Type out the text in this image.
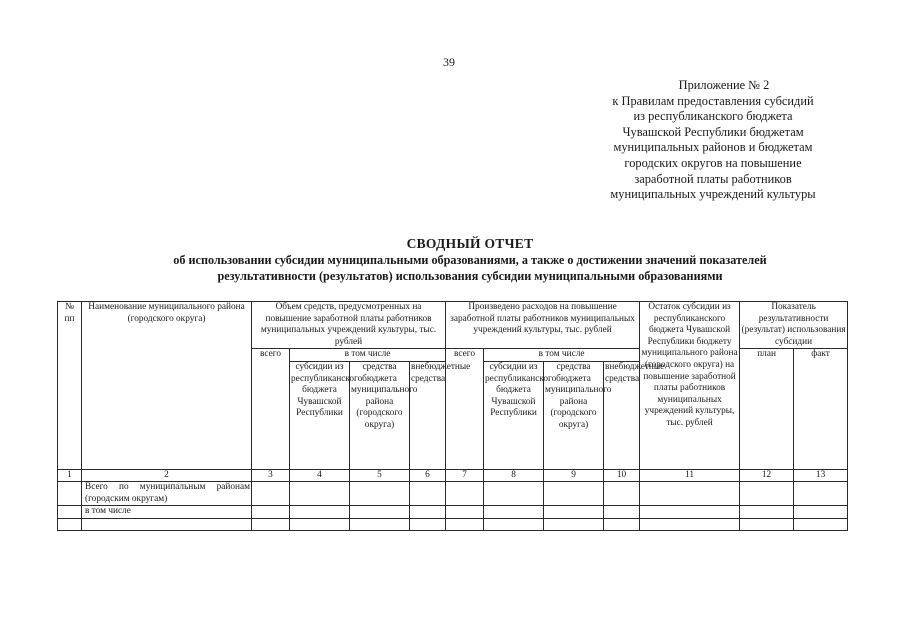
39
Приложение № 2
к Правилам предоставления субсидий
из республиканского бюджета
Чувашской Республики бюджетам
муниципальных районов и бюджетам
городских округов на повышение
заработной платы работников
муниципальных учреждений культуры
СВОДНЫЙ ОТЧЕТ
об использовании субсидии муниципальными образованиями, а также о достижении значений показателей
результативности (результатов) использования субсидии муниципальными образованиями
№ пп	Наименование муниципального района (городского округа)	Объем средств, предусмотренных на повышение заработной платы работников муниципальных учреждений культуры, тыс. рублей				Произведено расходов на повышение заработной платы работников муниципальных учреждений культуры, тыс. рублей				Остаток субсидии из республиканского бюджета Чувашской Республики бюджету муниципального района (городского округа) на повышение заработной платы работников муниципальных учреждений культуры, тыс. рублей	Показатель результативности (результат) использования субсидии	
		всего	в том числе			всего	в том числе				план	факт
			субсидии из республиканского бюджета Чувашской Республики	средства бюджета муниципального района (городского округа)	внебюджетные средства		субсидии из республиканского бюджета Чувашской Республики	средства бюджета муниципального района (городского округа)	внебюджетные средства			
1	2	3	4	5	6	7	8	9	10	11	12	13
	Всего по муниципальным районам (городским округам)											
	в том числе											
